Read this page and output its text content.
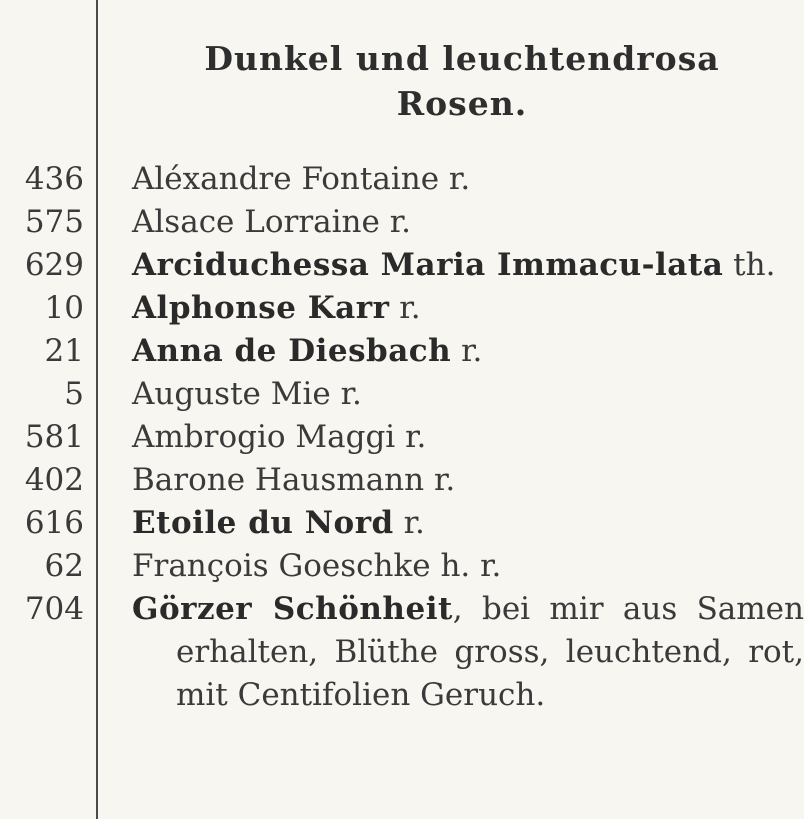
Dunkel und leuchtendrosa
Rosen.
436 Aléxandre Fontaine r.
575 Alsace Lorraine r.
629 Arciduchessa Maria Immacu-lata th.
10 Alphonse Karr r.
21 Anna de Diesbach r.
5 Auguste Mie r.
581 Ambrogio Maggi r.
402 Barone Hausmann r.
616 Etoile du Nord r.
62 François Goeschke h. r.
704 Görzer Schönheit, bei mir aus Samen erhalten, Blüthe gross, leuchtend, rot, mit Centifolien Geruch.
